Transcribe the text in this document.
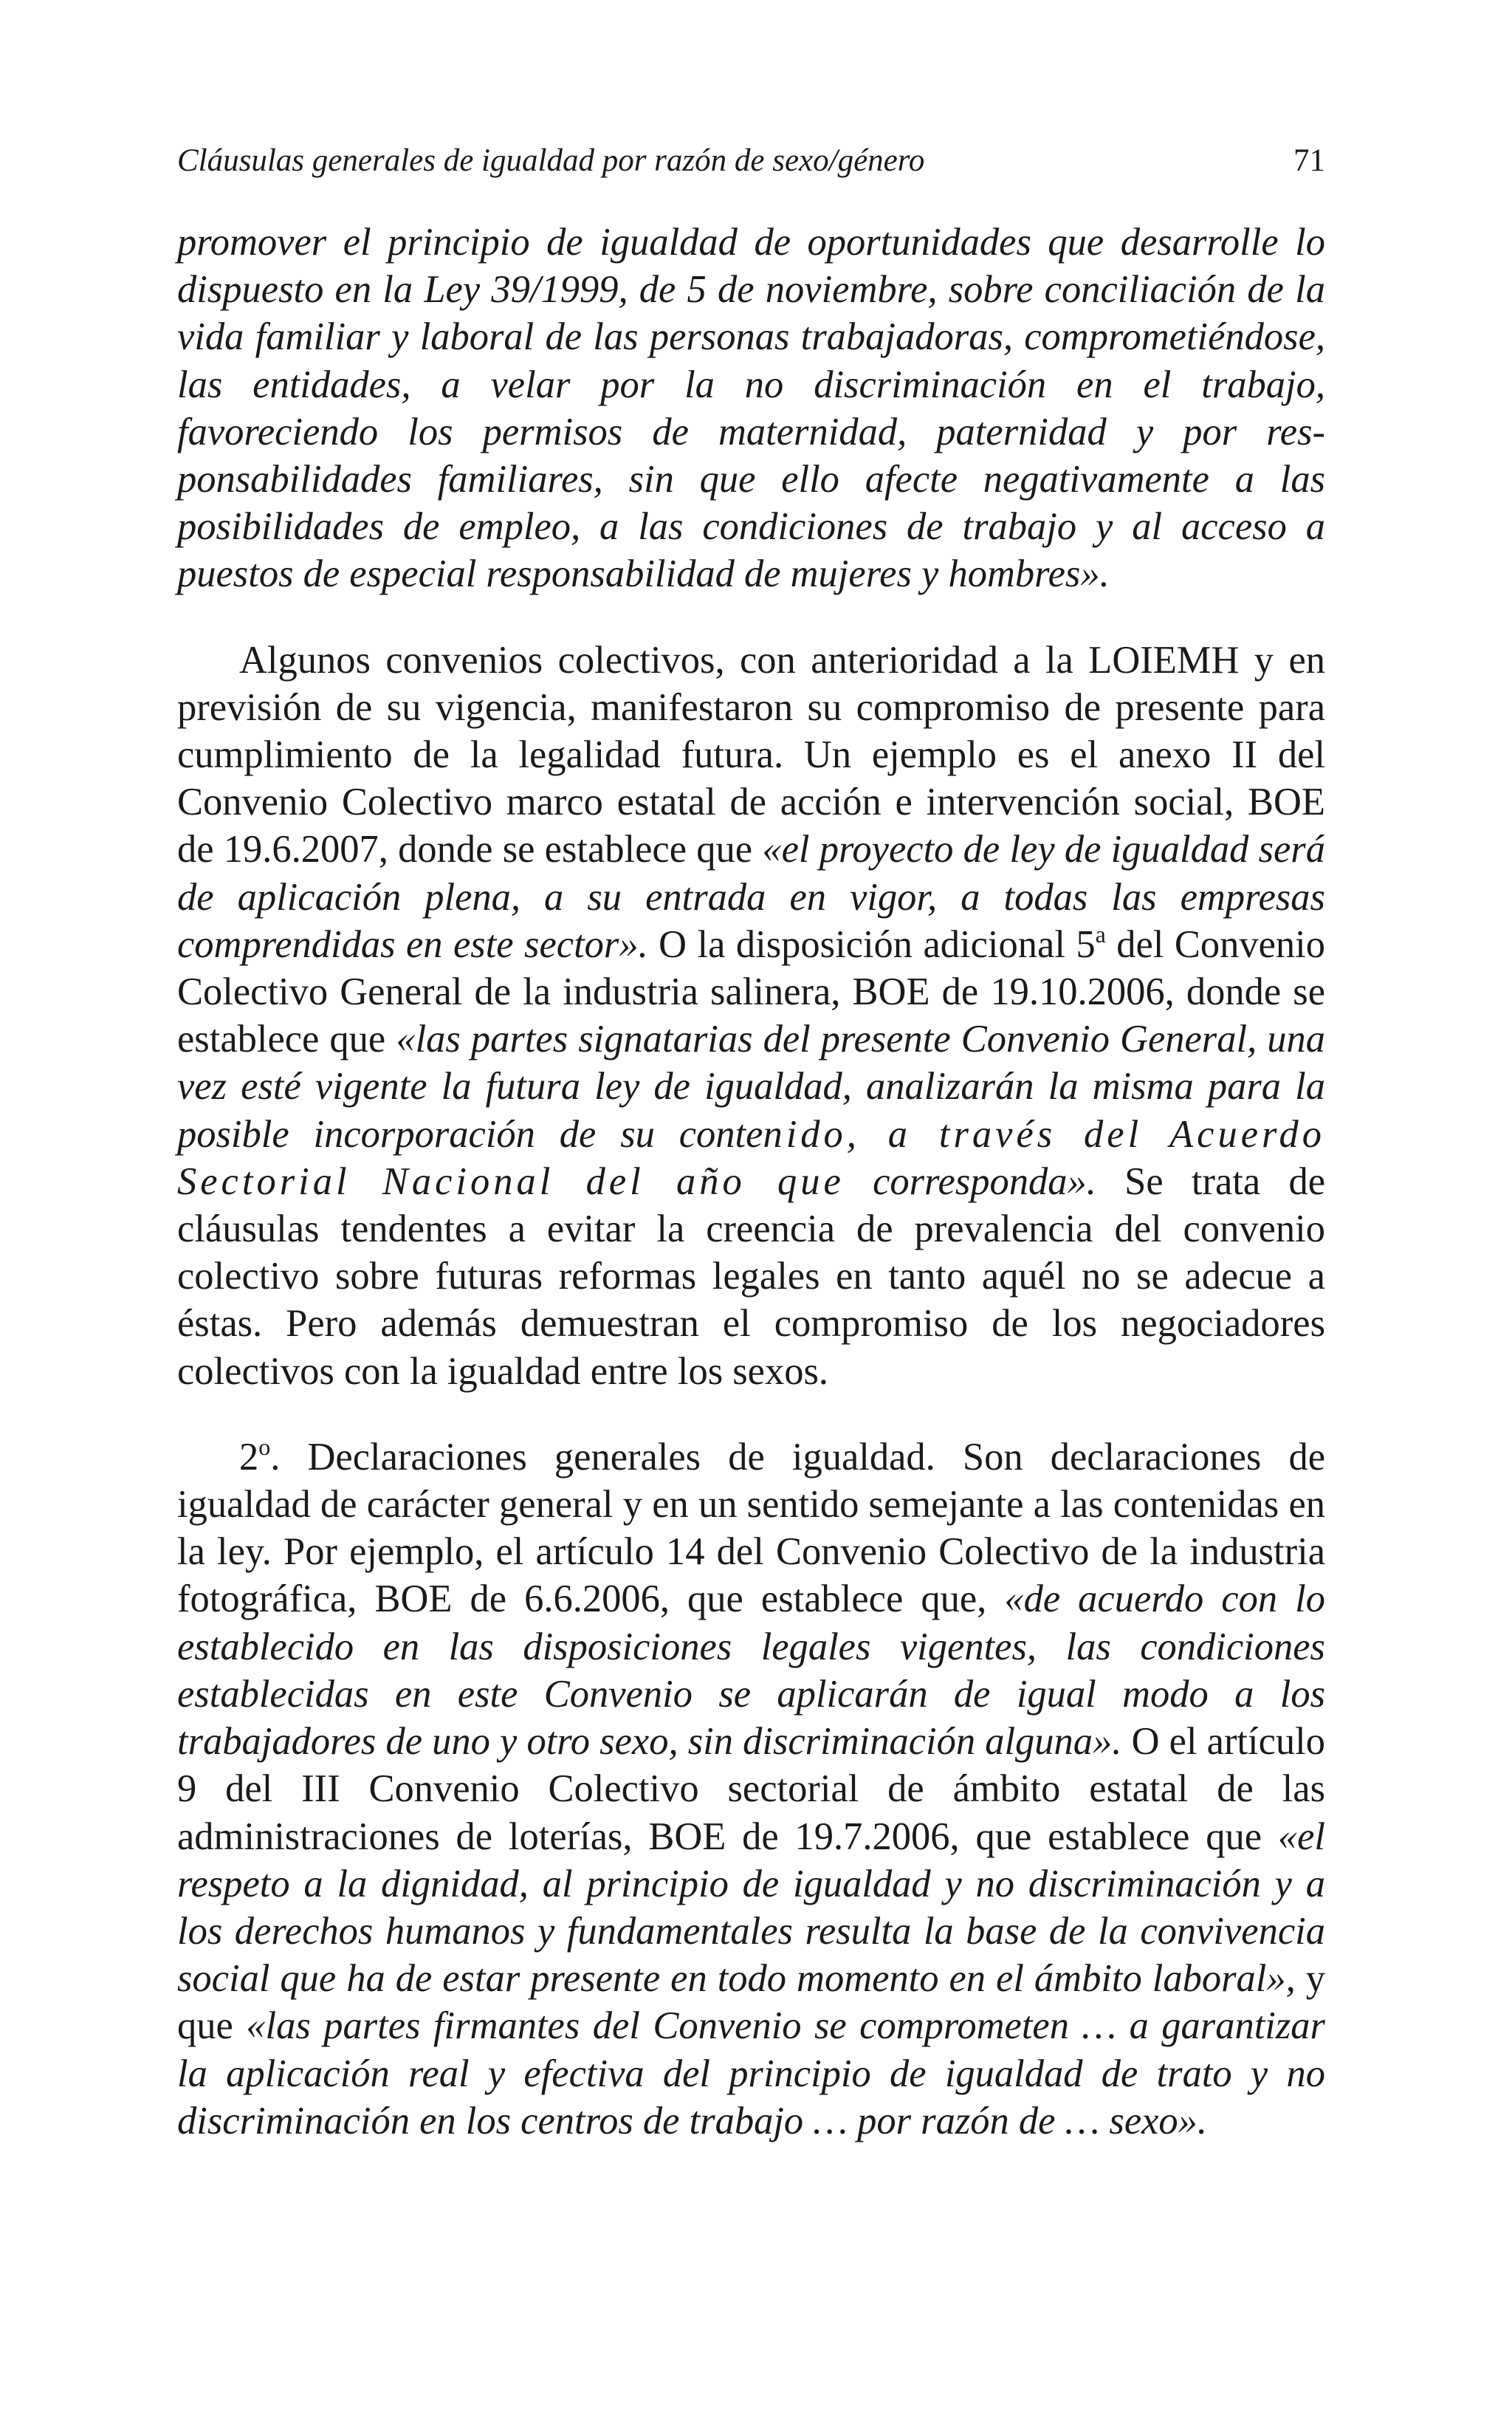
Cláusulas generales de igualdad por razón de sexo/género	71

promover el principio de igualdad de oportunidades que desarrolle lo dispuesto en la Ley 39/1999, de 5 de noviembre, sobre conciliación de la vida familiar y laboral de las personas trabajadoras, comprometiéndose, las entidades, a velar por la no discriminación en el trabajo, favoreciendo los permisos de maternidad, paternidad y por responsabilidades familiares, sin que ello afecte negativamente a las posibilidades de empleo, a las condiciones de trabajo y al acceso a puestos de especial responsabilidad de mujeres y hombres».

Algunos convenios colectivos, con anterioridad a la LOIEMH y en previsión de su vigencia, manifestaron su compromiso de presente para cumplimiento de la legalidad futura. Un ejemplo es el anexo II del Convenio Colectivo marco estatal de acción e intervención social, BOE de 19.6.2007, donde se establece que «el proyecto de ley de igualdad será de aplicación plena, a su entrada en vigor, a todas las empresas comprendidas en este sector». O la disposición adicional 5$^a$ del Convenio Colectivo General de la industria salinera, BOE de 19.10.2006, donde se establece que «las partes signatarias del presente Convenio General, una vez esté vigente la futura ley de igualdad, analizarán la misma para la posible incorporación de su contenido, a través del Acuerdo Sectorial Nacional del año que corresponda». Se trata de cláusulas tendentes a evitar la creencia de prevalencia del convenio colectivo sobre futuras reformas legales en tanto aquél no se adecue a éstas. Pero además demuestran el compromiso de los negociadores colectivos con la igualdad entre los sexos.

2$^o$. Declaraciones generales de igualdad. Son declaraciones de igualdad de carácter general y en un sentido semejante a las contenidas en la ley. Por ejemplo, el artículo 14 del Convenio Colectivo de la industria fotográfica, BOE de 6.6.2006, que establece que, «de acuerdo con lo establecido en las disposiciones legales vigentes, las condiciones establecidas en este Convenio se aplicarán de igual modo a los trabajadores de uno y otro sexo, sin discriminación alguna». O el artículo 9 del III Convenio Colectivo sectorial de ámbito estatal de las administraciones de loterías, BOE de 19.7.2006, que establece que «el respeto a la dignidad, al principio de igualdad y no discriminación y a los derechos humanos y fundamentales resulta la base de la convivencia social que ha de estar presente en todo momento en el ámbito laboral», y que «las partes firmantes del Convenio se comprometen … a garantizar la aplicación real y efectiva del principio de igualdad de trato y no discriminación en los centros de trabajo … por razón de … sexo».
